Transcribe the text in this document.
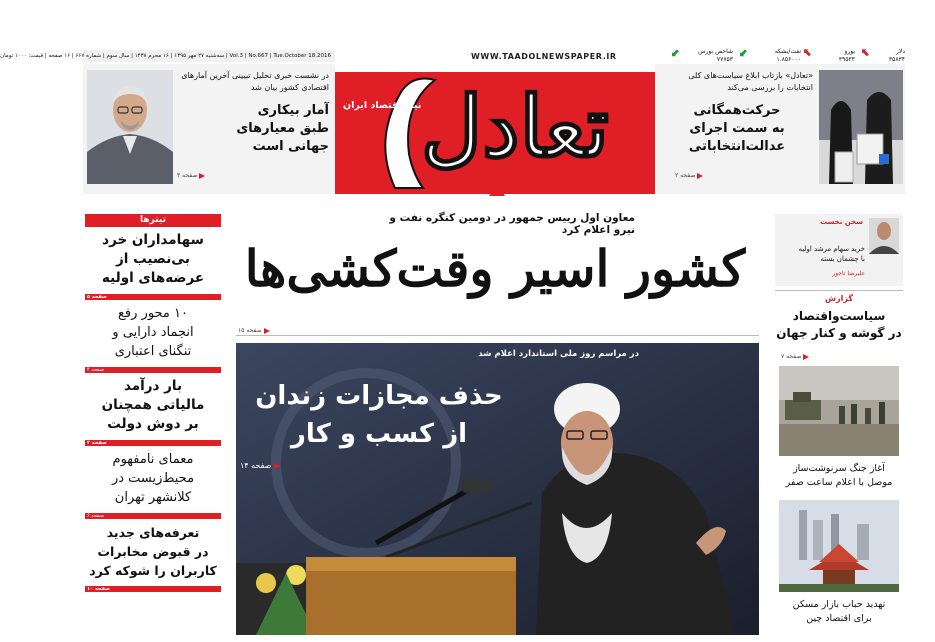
Vol.3 | No.667 | Tue.October 18.2016 | سه‌شنبه ۲۷ مهر ۱۳۹۵ | ۱۶ محرم ۱۴۳۸ | سال سوم | شماره ۶۶۷ | ۱۶ صفحه | قیمت: ۱۰۰۰ تومان	⬋	شاخص بورس
۷۷۷۵۳
⬋	نفت/بشکه
۱.۸۵۶۰۰۰
⬉	یورو
۳۹۵۳۳
⬉	دلار
۳۵۸۳۴
در نشست خبری تحلیل تبیینی آخرین آمارهای اقتصادی کشور بیان شد
آمار بیکاری
طبق معیارهای
جهانی است
صفحه ۳
WWW.TAADOLNEWSPAPER.IR
تعادل
نیاز اقتصاد ایران
«تعادل» بازتاب ابلاغ سیاست‌های کلی انتخابات را بررسی می‌کند
حرکت‌همگانی
به سمت اجرای
عدالت‌انتخاباتی
صفحه ۲
معاون اول رییس جمهور در دومین کنگره نفت و نیرو اعلام کرد
کشور اسیر وقت‌کشی‌ها
صفحه ۱۵
در مراسم روز ملی استاندارد اعلام شد
حذف مجازات زندان
از کسب و کار
صفحه ۱۴
تیترها
سهامداران خرد
بی‌نصیب از
عرضه‌های اولیه
صفحه ۵
۱۰ محور رفع
انجماد دارایی و
تنگنای اعتباری
صفحه ۴
بار درآمد
مالیاتی همچنان
بر دوش دولت
صفحه ۳
معمای نامفهوم
محیط‌زیست در
کلانشهر تهران
صفحه ۶
تعرفه‌های جدید
در قبوض مخابرات
کاربران را شوکه کرد
صفحه ۱۰
سخن نخست
خرید سهام مرشد اولیه
با چشمان بسته
علیرضا تاجور
گزارش
سیاست‌واقتصاد
در گوشه و کنار جهان
صفحه ۷
آغاز جنگ سرنوشت‌ساز
موصل با اعلام ساعت صفر
تهدید حباب بازار مسکن
برای اقتصاد چین
